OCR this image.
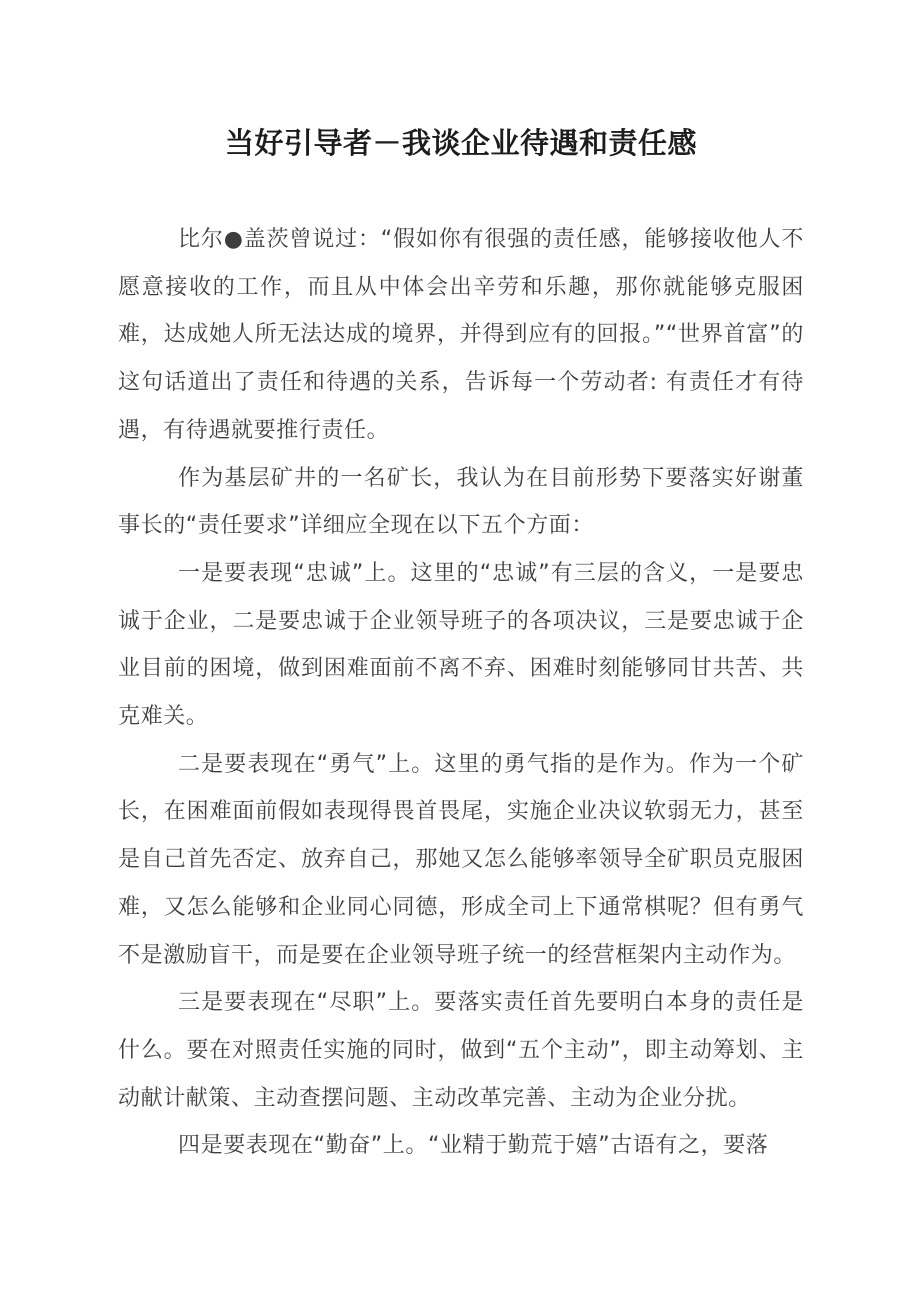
当好引导者－我谈企业待遇和责任感

比尔●盖茨曾说过：“假如你有很强的责任感，能够接收他人不愿意接收的工作，而且从中体会出辛劳和乐趣，那你就能够克服困难，达成她人所无法达成的境界，并得到应有的回报。”“世界首富”的这句话道出了责任和待遇的关系，告诉每一个劳动者: 有责任才有待遇，有待遇就要推行责任。

作为基层矿井的一名矿长，我认为在目前形势下要落实好谢董事长的“责任要求”详细应全现在以下五个方面：

一是要表现“忠诚”上。这里的“忠诚”有三层的含义，一是要忠诚于企业，二是要忠诚于企业领导班子的各项决议，三是要忠诚于企业目前的困境，做到困难面前不离不弃、困难时刻能够同甘共苦、共克难关。

二是要表现在“勇气”上。这里的勇气指的是作为。作为一个矿长，在困难面前假如表现得畏首畏尾，实施企业决议软弱无力，甚至是自己首先否定、放弃自己，那她又怎么能够率领导全矿职员克服困难，又怎么能够和企业同心同德，形成全司上下通常棋呢？但有勇气不是激励盲干，而是要在企业领导班子统一的经营框架内主动作为。

三是要表现在“尽职”上。要落实责任首先要明白本身的责任是什么。要在对照责任实施的同时，做到“五个主动”，即主动筹划、主动献计献策、主动查摆问题、主动改革完善、主动为企业分扰。

四是要表现在“勤奋”上。“业精于勤荒于嬉”古语有之，要落
